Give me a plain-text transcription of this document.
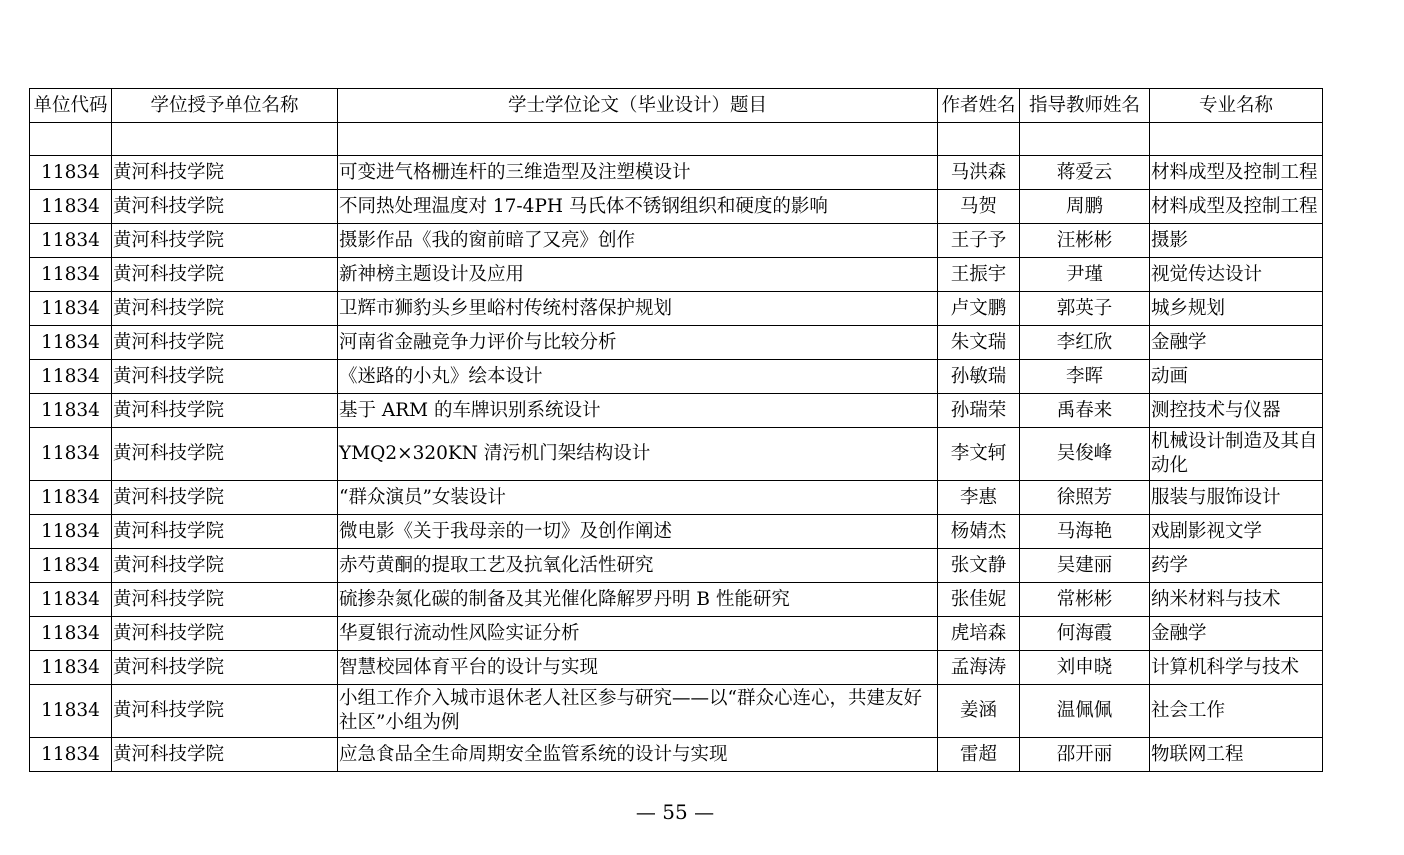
单位代码	学位授予单位名称	学士学位论文（毕业设计）题目	作者姓名	指导教师姓名	专业名称

11834	黄河科技学院	可变进气格栅连杆的三维造型及注塑模设计	马洪森	蒋爱云	材料成型及控制工程
11834	黄河科技学院	不同热处理温度对 17-4PH 马氏体不锈钢组织和硬度的影响	马贺	周鹏	材料成型及控制工程
11834	黄河科技学院	摄影作品《我的窗前暗了又亮》创作	王子予	汪彬彬	摄影
11834	黄河科技学院	新神榜主题设计及应用	王振宇	尹瑾	视觉传达设计
11834	黄河科技学院	卫辉市狮豹头乡里峪村传统村落保护规划	卢文鹏	郭英子	城乡规划
11834	黄河科技学院	河南省金融竞争力评价与比较分析	朱文瑞	李红欣	金融学
11834	黄河科技学院	《迷路的小丸》绘本设计	孙敏瑞	李晖	动画
11834	黄河科技学院	基于 ARM 的车牌识别系统设计	孙瑞荣	禹春来	测控技术与仪器
11834	黄河科技学院	YMQ2×320KN 清污机门架结构设计	李文轲	吴俊峰	机械设计制造及其自动化
11834	黄河科技学院	“群众演员”女装设计	李惠	徐照芳	服装与服饰设计
11834	黄河科技学院	微电影《关于我母亲的一切》及创作阐述	杨婧杰	马海艳	戏剧影视文学
11834	黄河科技学院	赤芍黄酮的提取工艺及抗氧化活性研究	张文静	吴建丽	药学
11834	黄河科技学院	硫掺杂氮化碳的制备及其光催化降解罗丹明 B 性能研究	张佳妮	常彬彬	纳米材料与技术
11834	黄河科技学院	华夏银行流动性风险实证分析	虎培森	何海霞	金融学
11834	黄河科技学院	智慧校园体育平台的设计与实现	孟海涛	刘申晓	计算机科学与技术
11834	黄河科技学院	小组工作介入城市退休老人社区参与研究——以“群众心连心，共建友好社区”小组为例	姜涵	温佩佩	社会工作
11834	黄河科技学院	应急食品全生命周期安全监管系统的设计与实现	雷超	邵开丽	物联网工程
— 55 —
